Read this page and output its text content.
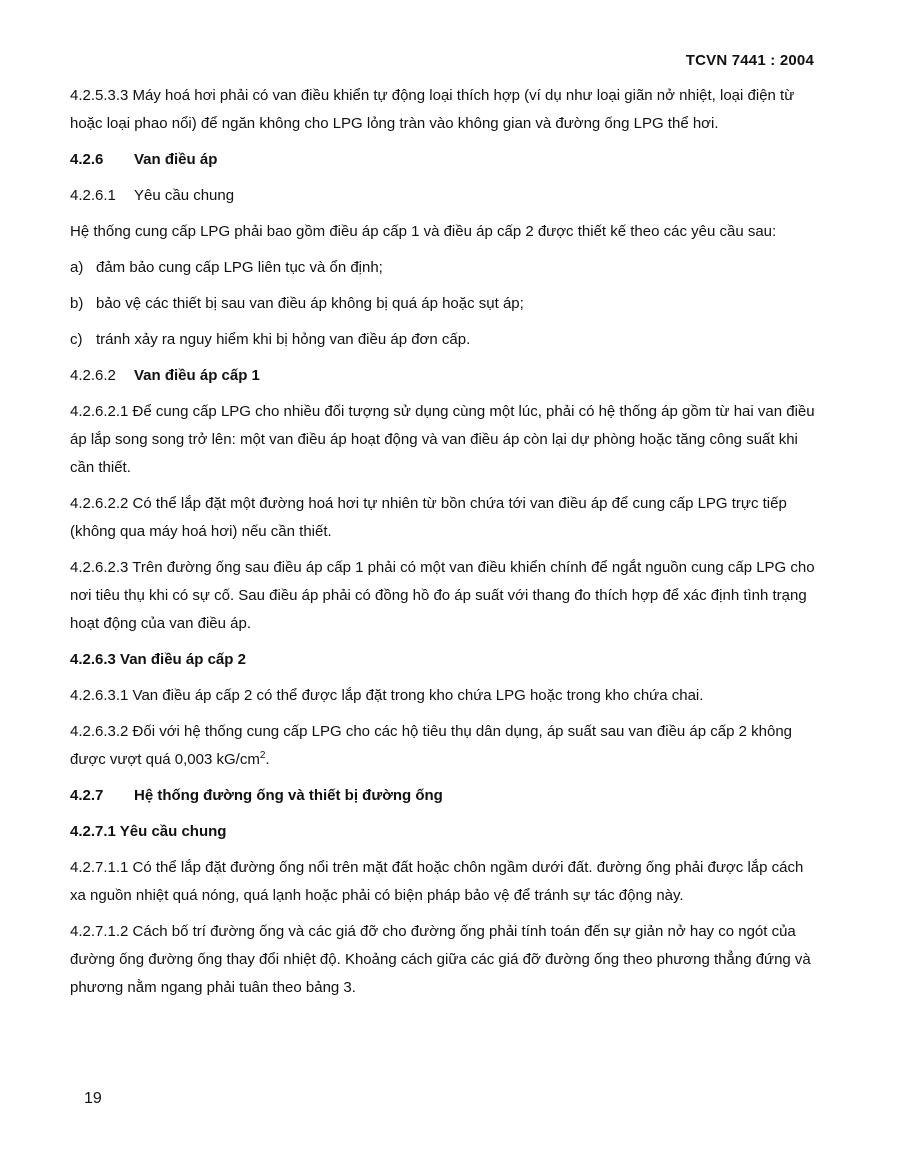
TCVN 7441 : 2004

4.2.5.3.3 Máy hoá hơi phải có van điều khiển tự động loại thích hợp (ví dụ như loại giãn nở nhiệt, loại điện từ hoặc loại phao nổi) để ngăn không cho LPG lỏng tràn vào không gian và đường ống LPG thể hơi.

4.2.6 Van điều áp

4.2.6.1 Yêu cầu chung

Hệ thống cung cấp LPG phải bao gồm điều áp cấp 1 và điều áp cấp 2 được thiết kế theo các yêu cầu sau:

a) đảm bảo cung cấp LPG liên tục và ổn định;

b) bảo vệ các thiết bị sau van điều áp không bị quá áp hoặc sụt áp;

c) tránh xảy ra nguy hiểm khi bị hỏng van điều áp đơn cấp.

4.2.6.2 Van điều áp cấp 1

4.2.6.2.1 Để cung cấp LPG cho nhiều đối tượng sử dụng cùng một lúc, phải có hệ thống áp gồm từ hai van điều áp lắp song song trở lên: một van điều áp hoạt động và van điều áp còn lại dự phòng hoặc tăng công suất khi cần thiết.

4.2.6.2.2 Có thể lắp đặt một đường hoá hơi tự nhiên từ bồn chứa tới van điều áp để cung cấp LPG trực tiếp (không qua máy hoá hơi) nếu cần thiết.

4.2.6.2.3 Trên đường ống sau điều áp cấp 1 phải có một van điều khiển chính để ngắt nguồn cung cấp LPG cho nơi tiêu thụ khi có sự cố. Sau điều áp phải có đồng hồ đo áp suất với thang đo thích hợp để xác định tình trạng hoạt động của van điều áp.

4.2.6.3 Van điều áp cấp 2

4.2.6.3.1 Van điều áp cấp 2 có thể được lắp đặt trong kho chứa LPG hoặc trong kho chứa chai.

4.2.6.3.2 Đối với hệ thống cung cấp LPG cho các hộ tiêu thụ dân dụng, áp suất sau van điều áp cấp 2 không được vượt quá 0,003 $kG/cm^2$.

4.2.7 Hệ thống đường ống và thiết bị đường ống

4.2.7.1 Yêu cầu chung

4.2.7.1.1 Có thể lắp đặt đường ống nổi trên mặt đất hoặc chôn ngầm dưới đất. đường ống phải được lắp cách xa nguồn nhiệt quá nóng, quá lạnh hoặc phải có biện pháp bảo vệ để tránh sự tác động này.

4.2.7.1.2 Cách bố trí đường ống và các giá đỡ cho đường ống phải tính toán đến sự giản nở hay co ngót của đường ống đường ống thay đổi nhiệt độ. Khoảng cách giữa các giá đỡ đường ống theo phương thẳng đứng và phương nằm ngang phải tuân theo bảng 3.

19
